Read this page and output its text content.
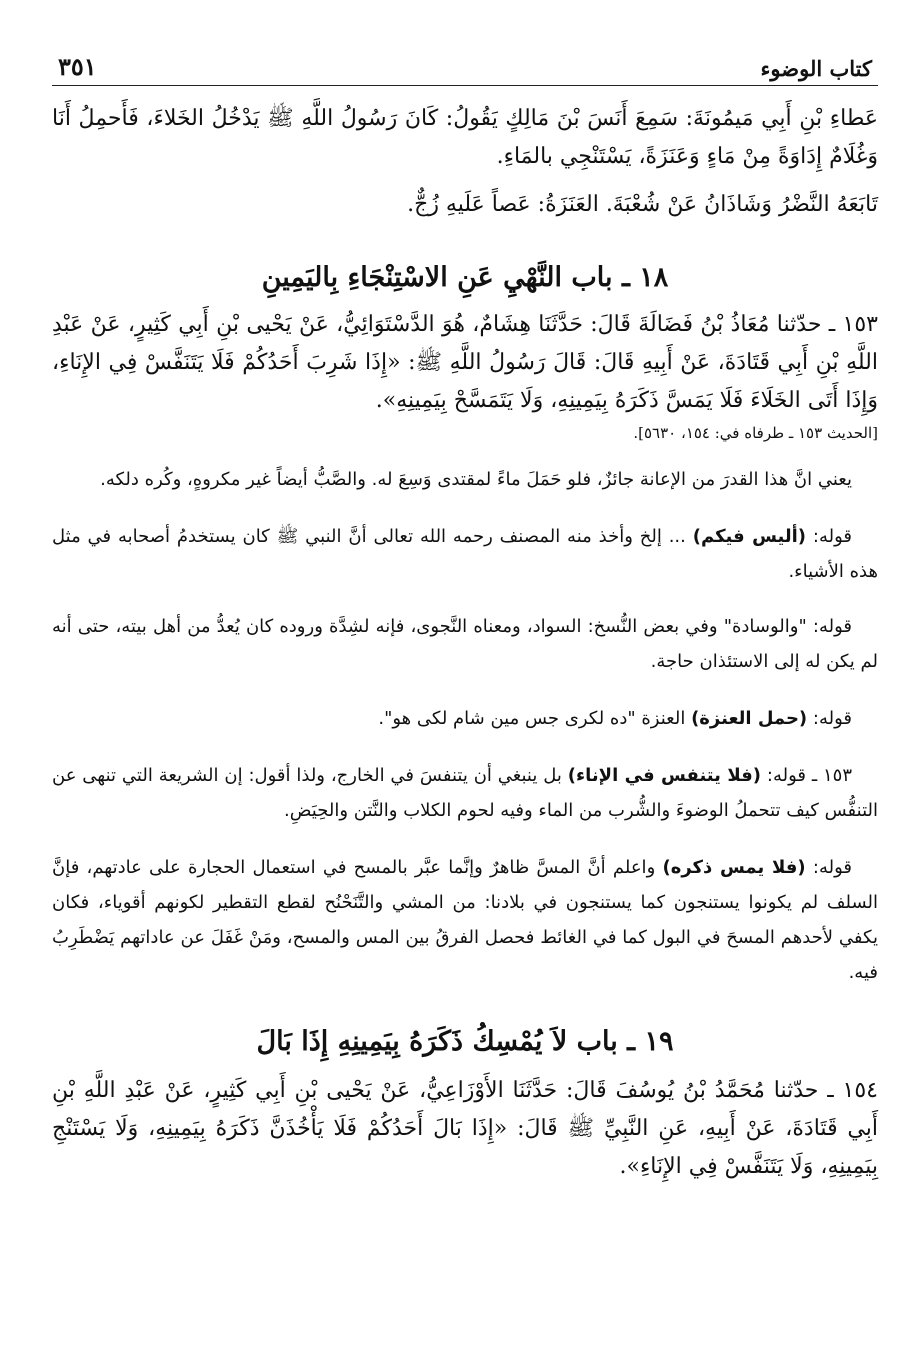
كتاب الوضوء
٣٥١

عَطاءِ بْنِ أَبِي مَيمُونَةَ: سَمِعَ أَنَسَ بْنَ مَالِكٍ يَقُولُ: كَانَ رَسُولُ اللَّهِ ﷺ يَدْخُلُ الخَلاءَ، فَأَحمِلُ أَنَا وَغُلَامٌ إِدَاوَةً مِنْ مَاءٍ وَعَنَزَةً، يَسْتَنْجِي بالمَاءِ.

تَابَعَهُ النَّضْرُ وَشَاذَانُ عَنْ شُعْبَةَ. العَنَزَةُ: عَصاً عَلَيهِ زُجٌّ.

١٨ ـ باب النَّهْيِ عَنِ الاسْتِنْجَاءِ بِاليَمِينِ

١٥٣ ـ حدّثنا مُعَاذُ بْنُ فَضَالَةَ قَالَ: حَدَّثَنَا هِشَامٌ، هُوَ الدَّسْتَوَائِيُّ، عَنْ يَحْيى بْنِ أَبِي كَثِيرٍ، عَنْ عَبْدِ اللَّهِ بْنِ أَبِي قَتَادَةَ، عَنْ أَبِيهِ قَالَ: قَالَ رَسُولُ اللَّهِ ﷺ: «إِذَا شَرِبَ أَحَدُكُمْ فَلَا يَتَنَفَّسْ فِي الإِنَاءِ، وَإِذَا أَتَى الخَلَاءَ فَلَا يَمَسَّ ذَكَرَهُ بِيَمِينِهِ، وَلَا يَتَمَسَّحْ بِيَمِينِهِ».

[الحديث ١٥٣ ـ طرفاه في: ١٥٤، ٥٦٣٠].

يعني انَّ هذا القدرَ من الإعانة جائزٌ، فلو حَمَلَ ماءً لمقتدى وَسِعَ له. والصَّبُّ أيضاً غير مكروهٍ، وكُره دلكه.

قوله: (أليس فيكم) ... إلخ وأخذ منه المصنف رحمه الله تعالى أنَّ النبي ﷺ كان يستخدمُ أصحابه في مثل هذه الأشياء.

قوله: "والوسادة" وفي بعض النُّسخ: السواد، ومعناه النَّجوى، فإنه لشِدَّة وروده كان يُعدُّ من أهل بيته، حتى أنه لم يكن له إلى الاستئذان حاجة.

قوله: (حمل العنزة) العنزة "ده لكرى جس مين شام لكى هو".

١٥٣ ـ قوله: (فلا يتنفس في الإناء) بل ينبغي أن يتنفسَ في الخارج، ولذا أقول: إن الشريعة التي تنهى عن التنفُّس كيف تتحملُ الوضوءَ والشُّرب من الماء وفيه لحوم الكلاب والنَّتن والحِيَضِ.

قوله: (فلا يمس ذكره) واعلم أنَّ المسَّ ظاهرٌ وإنَّما عبَّر بالمسح في استعمال الحجارة على عادتهم، فإنَّ السلف لم يكونوا يستنجون كما يستنجون في بلادنا: من المشي والتَّنَحْنُح لقطع التقطير لكونهم أقوياء، فكان يكفي لأحدهم المسحَ في البول كما في الغائط فحصل الفرقُ بين المس والمسح، ومَنْ غَفَلَ عن عاداتهم يَضْطَرِبُ فيه.

١٩ ـ باب لاَ يُمْسِكُ ذَكَرَهُ بِيَمِينِهِ إِذَا بَالَ

١٥٤ ـ حدّثنا مُحَمَّدُ بْنُ يُوسُفَ قَالَ: حَدَّثَنَا الأَوْزَاعِيُّ، عَنْ يَحْيى بْنِ أَبِي كَثِيرٍ، عَنْ عَبْدِ اللَّهِ بْنِ أَبِي قَتَادَةَ، عَنْ أَبِيهِ، عَنِ النَّبِيِّ ﷺ قَالَ: «إِذَا بَالَ أَحَدُكُمْ فَلَا يَأْخُذَنَّ ذَكَرَهُ بِيَمِينِهِ، وَلَا يَسْتَنْجِ بِيَمِينِهِ، وَلَا يَتَنَفَّسْ فِي الإِنَاءِ».
